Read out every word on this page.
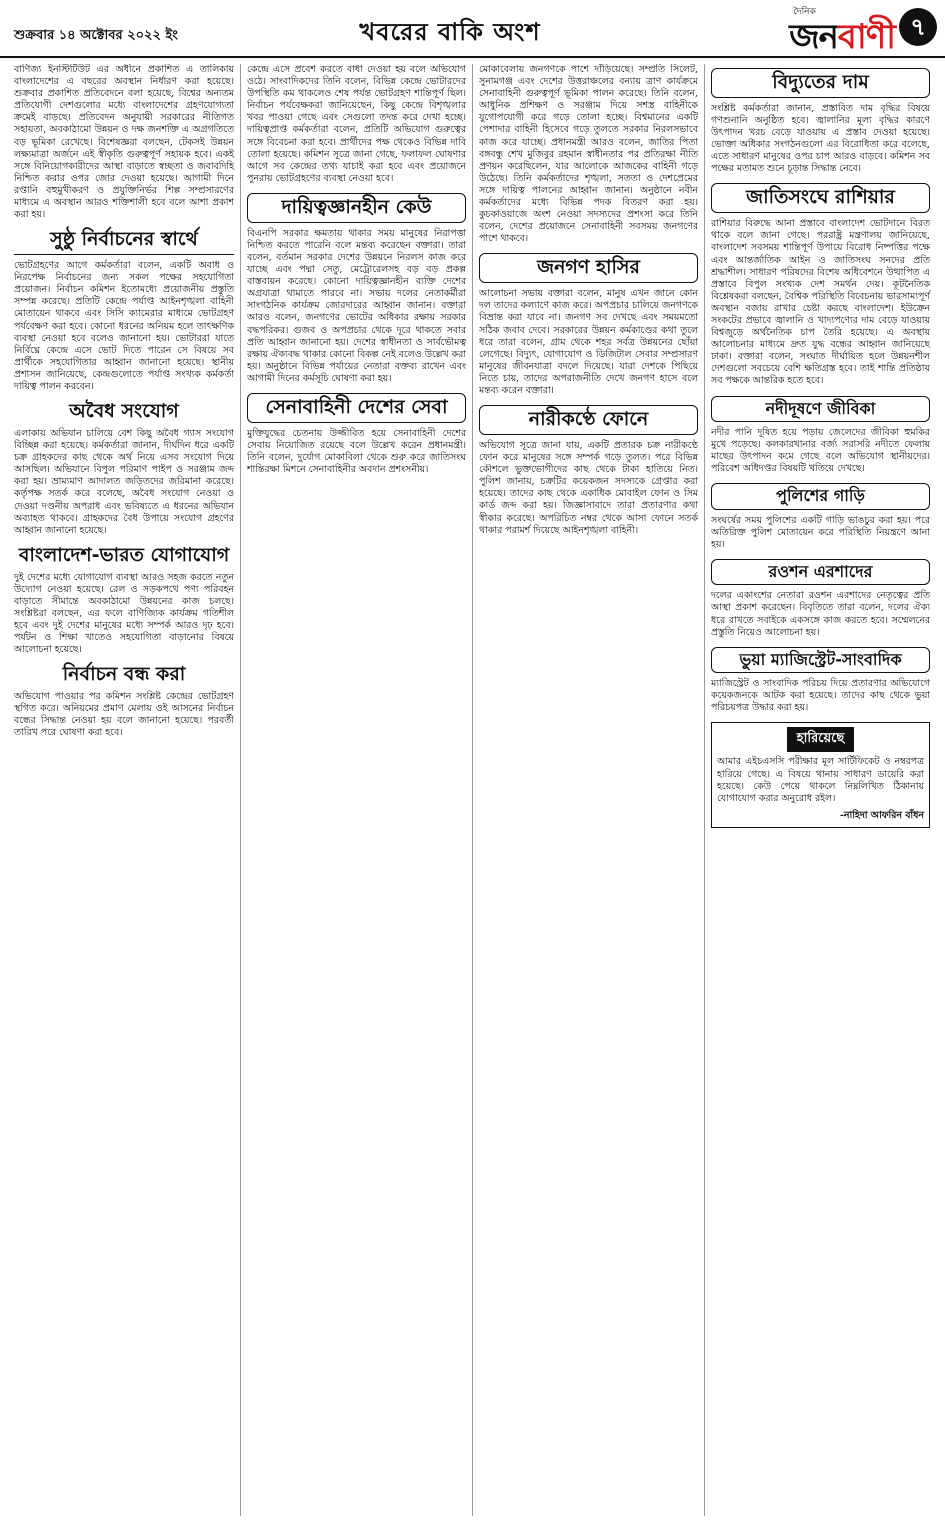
শুক্রবার ১৪ অক্টোবর ২০২২ ইং	খবরের বাকি অংশ
দৈনিক
জনবাণী ৭
বাণিজ্য ইনস্টিটিউট এর অধীনে প্রকাশিত এ তালিকায় বাংলাদেশের এ বছরের অবস্থান নির্ধারণ করা হয়েছে। শুক্রবার প্রকাশিত প্রতিবেদনে বলা হয়েছে, বিশ্বের অন্যতম প্রতিযোগী দেশগুলোর মধ্যে বাংলাদেশের গ্রহণযোগ্যতা ক্রমেই বাড়ছে। প্রতিবেদন অনুযায়ী সরকারের নীতিগত সহায়তা, অবকাঠামো উন্নয়ন ও দক্ষ জনশক্তি এ অগ্রগতিতে বড় ভূমিকা রেখেছে। বিশেষজ্ঞরা বলছেন, টেকসই উন্নয়ন লক্ষ্যমাত্রা অর্জনে এই স্বীকৃতি গুরুত্বপূর্ণ সহায়ক হবে। একই সঙ্গে বিনিয়োগকারীদের আস্থা বাড়াতে স্বচ্ছতা ও জবাবদিহি নিশ্চিত করার ওপর জোর দেওয়া হয়েছে। আগামী দিনে রপ্তানি বহুমুখীকরণ ও প্রযুক্তিনির্ভর শিল্প সম্প্রসারণের মাধ্যমে এ অবস্থান আরও শক্তিশালী হবে বলে আশা প্রকাশ করা হয়।
সুষ্ঠু নির্বাচনের স্বার্থে
ভোটগ্রহণের আগে কর্মকর্তারা বলেন, একটি অবাধ ও নিরপেক্ষ নির্বাচনের জন্য সকল পক্ষের সহযোগিতা প্রয়োজন। নির্বাচন কমিশন ইতোমধ্যে প্রয়োজনীয় প্রস্তুতি সম্পন্ন করেছে। প্রতিটি কেন্দ্রে পর্যাপ্ত আইনশৃঙ্খলা বাহিনী মোতায়েন থাকবে এবং সিসি ক্যামেরার মাধ্যমে ভোটগ্রহণ পর্যবেক্ষণ করা হবে। কোনো ধরনের অনিয়ম হলে তাৎক্ষণিক ব্যবস্থা নেওয়া হবে বলেও জানানো হয়। ভোটাররা যাতে নির্বিঘ্নে কেন্দ্রে এসে ভোট দিতে পারেন সে বিষয়ে সব প্রার্থীকে সহযোগিতার আহ্বান জানানো হয়েছে। স্থানীয় প্রশাসন জানিয়েছে, কেন্দ্রগুলোতে পর্যাপ্ত সংখ্যক কর্মকর্তা দায়িত্ব পালন করবেন।
অবৈধ সংযোগ
এলাকায় অভিযান চালিয়ে বেশ কিছু অবৈধ গ্যাস সংযোগ বিচ্ছিন্ন করা হয়েছে। কর্মকর্তারা জানান, দীর্ঘদিন ধরে একটি চক্র গ্রাহকদের কাছ থেকে অর্থ নিয়ে এসব সংযোগ দিয়ে আসছিল। অভিযানে বিপুল পরিমাণ পাইপ ও সরঞ্জাম জব্দ করা হয়। ভ্রাম্যমাণ আদালত জড়িতদের জরিমানা করেছে। কর্তৃপক্ষ সতর্ক করে বলেছে, অবৈধ সংযোগ নেওয়া ও দেওয়া দণ্ডনীয় অপরাধ এবং ভবিষ্যতে এ ধরনের অভিযান অব্যাহত থাকবে। গ্রাহকদের বৈধ উপায়ে সংযোগ গ্রহণের আহ্বান জানানো হয়েছে।
বাংলাদেশ-ভারত যোগাযোগ
দুই দেশের মধ্যে যোগাযোগ ব্যবস্থা আরও সহজ করতে নতুন উদ্যোগ নেওয়া হয়েছে। রেল ও সড়কপথে পণ্য পরিবহন বাড়াতে সীমান্তে অবকাঠামো উন্নয়নের কাজ চলছে। সংশ্লিষ্টরা বলছেন, এর ফলে বাণিজ্যিক কার্যক্রম গতিশীল হবে এবং দুই দেশের মানুষের মধ্যে সম্পর্ক আরও দৃঢ় হবে। পর্যটন ও শিক্ষা খাতেও সহযোগিতা বাড়ানোর বিষয়ে আলোচনা হয়েছে।
নির্বাচন বন্ধ করা
অভিযোগ পাওয়ার পর কমিশন সংশ্লিষ্ট কেন্দ্রের ভোটগ্রহণ স্থগিত করে। অনিয়মের প্রমাণ মেলায় ওই আসনের নির্বাচন বন্ধের সিদ্ধান্ত নেওয়া হয় বলে জানানো হয়েছে। পরবর্তী তারিখ পরে ঘোষণা করা হবে।
কেন্দ্রে এসে প্রবেশ করতে বাধা দেওয়া হয় বলে অভিযোগ ওঠে। সাংবাদিকদের তিনি বলেন, বিভিন্ন কেন্দ্রে ভোটারদের উপস্থিতি কম থাকলেও শেষ পর্যন্ত ভোটগ্রহণ শান্তিপূর্ণ ছিল। নির্বাচন পর্যবেক্ষকরা জানিয়েছেন, কিছু কেন্দ্রে বিশৃঙ্খলার খবর পাওয়া গেছে এবং সেগুলো তদন্ত করে দেখা হচ্ছে। দায়িত্বপ্রাপ্ত কর্মকর্তারা বলেন, প্রতিটি অভিযোগ গুরুত্বের সঙ্গে বিবেচনা করা হবে। প্রার্থীদের পক্ষ থেকেও বিভিন্ন দাবি তোলা হয়েছে। কমিশন সূত্রে জানা গেছে, ফলাফল ঘোষণার আগে সব কেন্দ্রের তথ্য যাচাই করা হবে এবং প্রয়োজনে পুনরায় ভোটগ্রহণের ব্যবস্থা নেওয়া হবে।
দায়িত্বজ্ঞানহীন কেউ
বিএনপি সরকার ক্ষমতায় থাকার সময় মানুষের নিরাপত্তা নিশ্চিত করতে পারেনি বলে মন্তব্য করেছেন বক্তারা। তারা বলেন, বর্তমান সরকার দেশের উন্নয়নে নিরলস কাজ করে যাচ্ছে এবং পদ্মা সেতু, মেট্রোরেলসহ বড় বড় প্রকল্প বাস্তবায়ন করেছে। কোনো দায়িত্বজ্ঞানহীন ব্যক্তি দেশের অগ্রযাত্রা থামাতে পারবে না। সভায় দলের নেতাকর্মীরা সাংগঠনিক কার্যক্রম জোরদারের আহ্বান জানান। বক্তারা আরও বলেন, জনগণের ভোটের অধিকার রক্ষায় সরকার বদ্ধপরিকর। গুজব ও অপপ্রচার থেকে দূরে থাকতে সবার প্রতি আহ্বান জানানো হয়। দেশের স্বাধীনতা ও সার্বভৌমত্ব রক্ষায় ঐক্যবদ্ধ থাকার কোনো বিকল্প নেই বলেও উল্লেখ করা হয়। অনুষ্ঠানে বিভিন্ন পর্যায়ের নেতারা বক্তব্য রাখেন এবং আগামী দিনের কর্মসূচি ঘোষণা করা হয়।
সেনাবাহিনী দেশের সেবা
মুক্তিযুদ্ধের চেতনায় উজ্জীবিত হয়ে সেনাবাহিনী দেশের সেবায় নিয়োজিত রয়েছে বলে উল্লেখ করেন প্রধানমন্ত্রী। তিনি বলেন, দুর্যোগ মোকাবিলা থেকে শুরু করে জাতিসংঘ শান্তিরক্ষা মিশনে সেনাবাহিনীর অবদান প্রশংসনীয়।
মোকাবেলায় জনগণকে পাশে দাঁড়িয়েছে। সম্প্রতি সিলেট, সুনামগঞ্জ এবং দেশের উত্তরাঞ্চলের বন্যায় ত্রাণ কার্যক্রমে সেনাবাহিনী গুরুত্বপূর্ণ ভূমিকা পালন করেছে। তিনি বলেন, আধুনিক প্রশিক্ষণ ও সরঞ্জাম দিয়ে সশস্ত্র বাহিনীকে যুগোপযোগী করে গড়ে তোলা হচ্ছে। বিশ্বমানের একটি পেশাদার বাহিনী হিসেবে গড়ে তুলতে সরকার নিরলসভাবে কাজ করে যাচ্ছে। প্রধানমন্ত্রী আরও বলেন, জাতির পিতা বঙ্গবন্ধু শেখ মুজিবুর রহমান স্বাধীনতার পর প্রতিরক্ষা নীতি প্রণয়ন করেছিলেন, যার আলোকে আজকের বাহিনী গড়ে উঠেছে। তিনি কর্মকর্তাদের শৃঙ্খলা, সততা ও দেশপ্রেমের সঙ্গে দায়িত্ব পালনের আহ্বান জানান। অনুষ্ঠানে নবীন কর্মকর্তাদের মধ্যে বিভিন্ন পদক বিতরণ করা হয়। কুচকাওয়াজে অংশ নেওয়া সদস্যদের প্রশংসা করে তিনি বলেন, দেশের প্রয়োজনে সেনাবাহিনী সবসময় জনগণের পাশে থাকবে।
জনগণ হাসির
আলোচনা সভায় বক্তারা বলেন, মানুষ এখন জানে কোন দল তাদের কল্যাণে কাজ করে। অপপ্রচার চালিয়ে জনগণকে বিভ্রান্ত করা যাবে না। জনগণ সব দেখছে এবং সময়মতো সঠিক জবাব দেবে। সরকারের উন্নয়ন কর্মকাণ্ডের কথা তুলে ধরে তারা বলেন, গ্রাম থেকে শহর সর্বত্র উন্নয়নের ছোঁয়া লেগেছে। বিদ্যুৎ, যোগাযোগ ও ডিজিটাল সেবার সম্প্রসারণ মানুষের জীবনযাত্রা বদলে দিয়েছে। যারা দেশকে পিছিয়ে নিতে চায়, তাদের অপরাজনীতি দেখে জনগণ হাসে বলে মন্তব্য করেন বক্তারা।
নারীকণ্ঠে ফোনে
অভিযোগ সূত্রে জানা যায়, একটি প্রতারক চক্র নারীকণ্ঠে ফোন করে মানুষের সঙ্গে সম্পর্ক গড়ে তুলত। পরে বিভিন্ন কৌশলে ভুক্তভোগীদের কাছ থেকে টাকা হাতিয়ে নিত। পুলিশ জানায়, চক্রটির কয়েকজন সদস্যকে গ্রেপ্তার করা হয়েছে। তাদের কাছ থেকে একাধিক মোবাইল ফোন ও সিম কার্ড জব্দ করা হয়। জিজ্ঞাসাবাদে তারা প্রতারণার কথা স্বীকার করেছে। অপরিচিত নম্বর থেকে আসা ফোনে সতর্ক থাকার পরামর্শ দিয়েছে আইনশৃঙ্খলা বাহিনী।
বিদ্যুতের দাম
সংশ্লিষ্ট কর্মকর্তারা জানান, প্রস্তাবিত দাম বৃদ্ধির বিষয়ে গণশুনানি অনুষ্ঠিত হবে। জ্বালানির মূল্য বৃদ্ধির কারণে উৎপাদন খরচ বেড়ে যাওয়ায় এ প্রস্তাব দেওয়া হয়েছে। ভোক্তা অধিকার সংগঠনগুলো এর বিরোধিতা করে বলেছে, এতে সাধারণ মানুষের ওপর চাপ আরও বাড়বে। কমিশন সব পক্ষের মতামত শুনে চূড়ান্ত সিদ্ধান্ত নেবে।
জাতিসংঘে রাশিয়ার
রাশিয়ার বিরুদ্ধে আনা প্রস্তাবে বাংলাদেশ ভোটদানে বিরত থাকে বলে জানা গেছে। পররাষ্ট্র মন্ত্রণালয় জানিয়েছে, বাংলাদেশ সবসময় শান্তিপূর্ণ উপায়ে বিরোধ নিষ্পত্তির পক্ষে এবং আন্তর্জাতিক আইন ও জাতিসংঘ সনদের প্রতি শ্রদ্ধাশীল। সাধারণ পরিষদের বিশেষ অধিবেশনে উত্থাপিত এ প্রস্তাবে বিপুল সংখ্যক দেশ সমর্থন দেয়। কূটনৈতিক বিশ্লেষকরা বলছেন, বৈশ্বিক পরিস্থিতি বিবেচনায় ভারসাম্যপূর্ণ অবস্থান বজায় রাখার চেষ্টা করছে বাংলাদেশ। ইউক্রেন সংকটের প্রভাবে জ্বালানি ও খাদ্যপণ্যের দাম বেড়ে যাওয়ায় বিশ্বজুড়ে অর্থনৈতিক চাপ তৈরি হয়েছে। এ অবস্থায় আলোচনার মাধ্যমে দ্রুত যুদ্ধ বন্ধের আহ্বান জানিয়েছে ঢাকা। বক্তারা বলেন, সংঘাত দীর্ঘায়িত হলে উন্নয়নশীল দেশগুলো সবচেয়ে বেশি ক্ষতিগ্রস্ত হবে। তাই শান্তি প্রতিষ্ঠায় সব পক্ষকে আন্তরিক হতে হবে।
নদীদূষণে জীবিকা
নদীর পানি দূষিত হয়ে পড়ায় জেলেদের জীবিকা হুমকির মুখে পড়েছে। কলকারখানার বর্জ্য সরাসরি নদীতে ফেলায় মাছের উৎপাদন কমে গেছে বলে অভিযোগ স্থানীয়দের। পরিবেশ অধিদপ্তর বিষয়টি খতিয়ে দেখছে।
পুলিশের গাড়ি
সংঘর্ষের সময় পুলিশের একটি গাড়ি ভাঙচুর করা হয়। পরে অতিরিক্ত পুলিশ মোতায়েন করে পরিস্থিতি নিয়ন্ত্রণে আনা হয়।
রওশন এরশাদের
দলের একাংশের নেতারা রওশন এরশাদের নেতৃত্বের প্রতি আস্থা প্রকাশ করেছেন। বিবৃতিতে তারা বলেন, দলের ঐক্য ধরে রাখতে সবাইকে একসঙ্গে কাজ করতে হবে। সম্মেলনের প্রস্তুতি নিয়েও আলোচনা হয়।
ভুয়া ম্যাজিস্ট্রেট-সাংবাদিক
ম্যাজিস্ট্রেট ও সাংবাদিক পরিচয় দিয়ে প্রতারণার অভিযোগে কয়েকজনকে আটক করা হয়েছে। তাদের কাছ থেকে ভুয়া পরিচয়পত্র উদ্ধার করা হয়।
হারিয়েছে
আমার এইচএসসি পরীক্ষার মূল সার্টিফিকেট ও নম্বরপত্র হারিয়ে গেছে। এ বিষয়ে থানায় সাধারণ ডায়েরি করা হয়েছে। কেউ পেয়ে থাকলে নিম্নলিখিত ঠিকানায় যোগাযোগ করার অনুরোধ রইল।
-নাহিদা আফরিন বাঁধন
